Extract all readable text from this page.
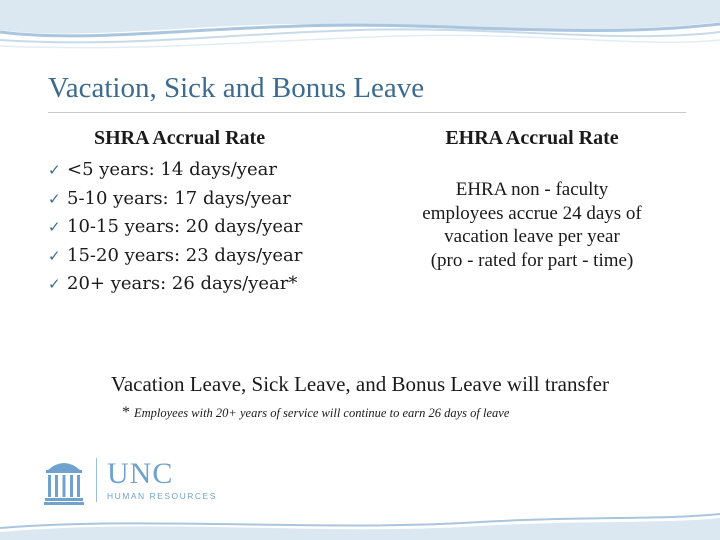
Vacation, Sick and Bonus Leave
SHRA Accrual Rate
✓ <5 years: 14 days/year
✓ 5-10 years: 17 days/year
✓ 10-15 years: 20 days/year
✓ 15-20 years: 23 days/year
✓ 20+ years: 26 days/year*
EHRA Accrual Rate
EHRA non - faculty
employees accrue 24 days of
vacation leave per year
(pro - rated for part - time)
Vacation Leave, Sick Leave, and Bonus Leave will transfer
* Employees with 20+ years of service will continue to earn 26 days of leave
UNC
HUMAN RESOURCES
